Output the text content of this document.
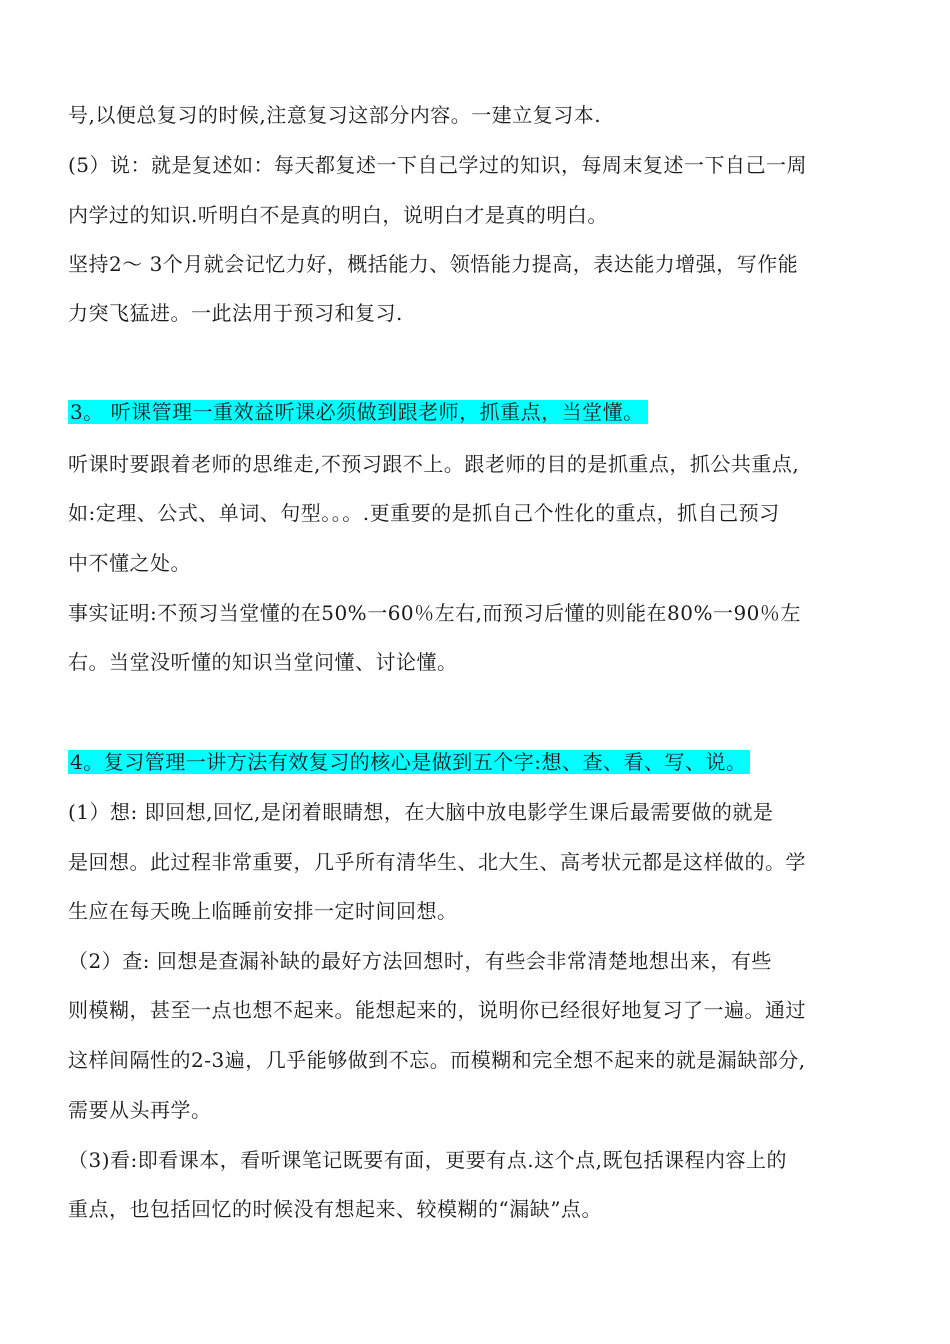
号,以便总复习的时候,注意复习这部分内容。一建立复习本.
(5）说：就是复述如：每天都复述一下自己学过的知识，每周末复述一下自己一周
内学过的知识.听明白不是真的明白，说明白才是真的明白。
坚持2～ 3个月就会记忆力好，概括能力、领悟能力提高，表达能力增强，写作能
力突飞猛进。一此法用于预习和复习.
3。 听课管理一重效益听课必须做到跟老师，抓重点，当堂懂。
听课时要跟着老师的思维走,不预习跟不上。跟老师的目的是抓重点，抓公共重点,
如:定理、公式、单词、句型。。。.更重要的是抓自己个性化的重点，抓自己预习
中不懂之处。
事实证明:不预习当堂懂的在50%一60％左右,而预习后懂的则能在80%一90％左
右。当堂没听懂的知识当堂问懂、讨论懂。
4。复习管理一讲方法有效复习的核心是做到五个字:想、查、看、写、说。
(1）想: 即回想,回忆,是闭着眼睛想，在大脑中放电影学生课后最需要做的就是
是回想。此过程非常重要，几乎所有清华生、北大生、高考状元都是这样做的。学
生应在每天晚上临睡前安排一定时间回想。
（2）查: 回想是查漏补缺的最好方法回想时，有些会非常清楚地想出来，有些
则模糊，甚至一点也想不起来。能想起来的，说明你已经很好地复习了一遍。通过
这样间隔性的2-3遍，几乎能够做到不忘。而模糊和完全想不起来的就是漏缺部分,
需要从头再学。
（3)看:即看课本，看听课笔记既要有面，更要有点.这个点,既包括课程内容上的
重点，也包括回忆的时候没有想起来、较模糊的“漏缺”点。
